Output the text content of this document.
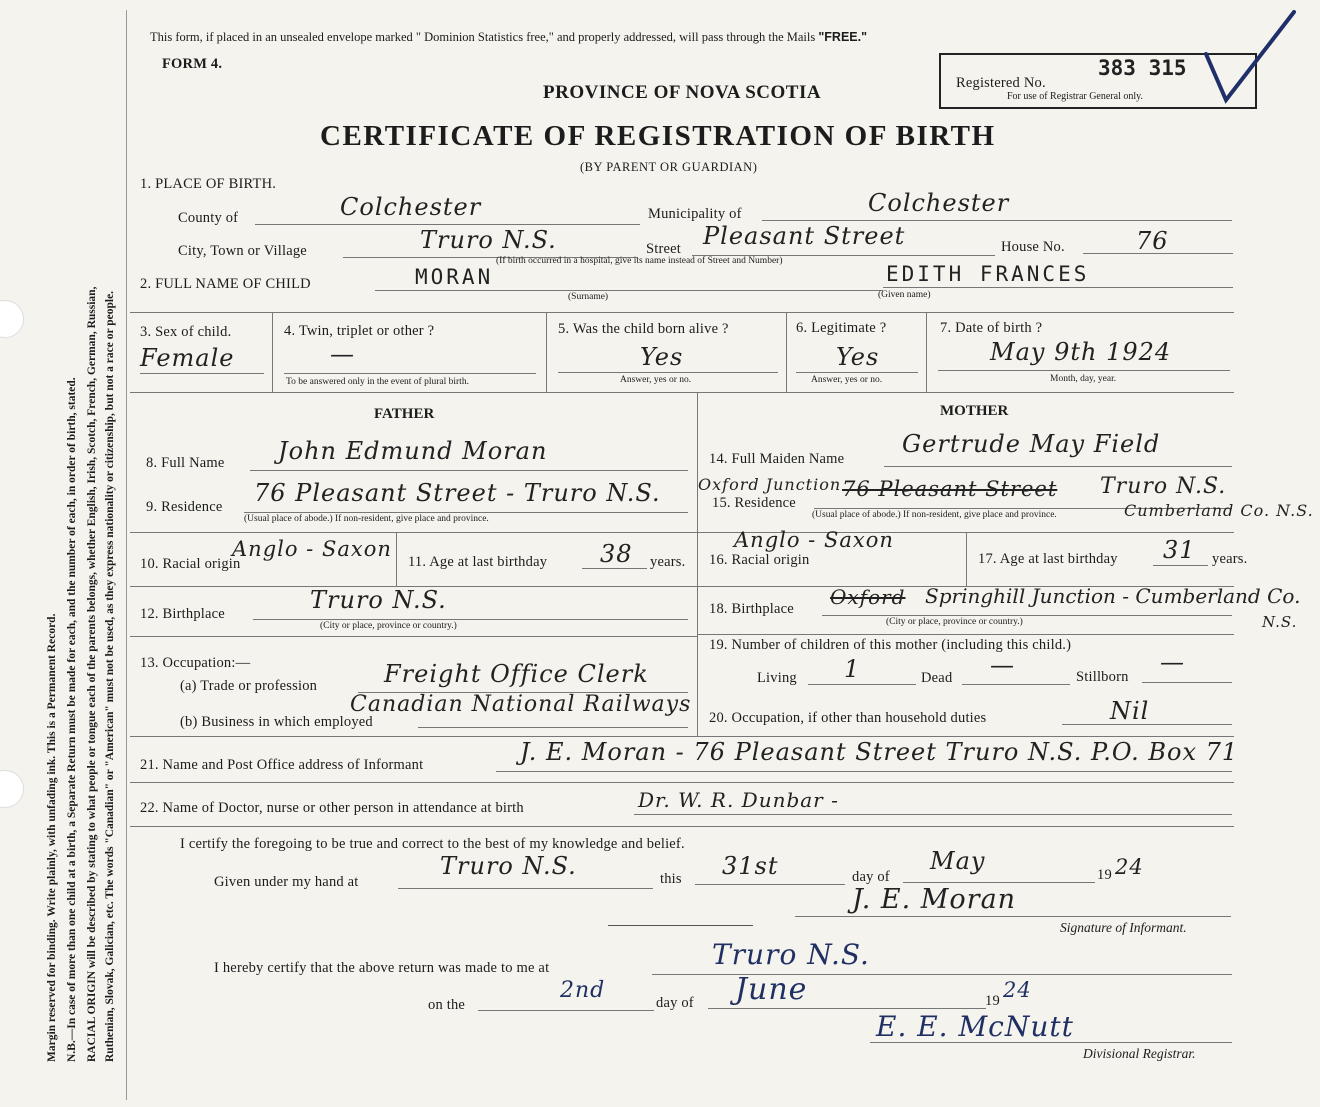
Margin reserved for binding. Write plainly, with unfading ink. This is a Permanent Record. N.B.—In case of more than one child at a birth, a Separate Return must be made for each, and the number of each, in order of birth, stated. RACIAL ORIGIN will be described by stating to what people or tongue each of the parents belongs, whether English, Irish, Scotch, French, German, Russian, Ruthenian, Slovak, Galician, etc. The words "Canadian" or "American" must not be used, as they express nationality or citizenship, but not a race or people.
This form, if placed in an unsealed envelope marked " Dominion Statistics free," and properly addressed, will pass through the Mails "FREE."
FORM 4.
PROVINCE OF NOVA SCOTIA
CERTIFICATE OF REGISTRATION OF BIRTH
(BY PARENT OR GUARDIAN)
Registered No.
383 315
For use of Registrar General only.
1. PLACE OF BIRTH.
County of	Colchester	Municipality of	Colchester
City, Town or Village	Truro N.S.	Street Pleasant Street
(If birth occurred in a hospital, give its name instead of Street and Number)
House No.	76
2. FULL NAME OF CHILD	MORAN
(Surname)
EDITH FRANCES
(Given name)
3. Sex of child.
Female
4. Twin, triplet or other ?
—
To be answered only in the event of plural birth.
5. Was the child born alive ?
Yes
Answer, yes or no.
6. Legitimate ?
Yes
Answer, yes or no.
7. Date of birth ?
May 9th 1924
Month, day, year.
FATHER	MOTHER
8. Full Name John Edmund Moran
9. Residence 76 Pleasant Street - Truro N.S.
(Usual place of abode.) If non-resident, give place and province.
10. Racial origin
Anglo - Saxon
11. Age at last birthday 38 years.
12. Birthplace	Truro N.S.
(City or place, province or country.)
13. Occupation:—
(a) Trade or profession	Freight Office Clerk
(b) Business in which employed
Canadian National Railways
14. Full Maiden Name
Gertrude May Field
15. Residence
Oxford Junction 76 Pleasant Street Truro N.S.
Cumberland Co. N.S.
(Usual place of abode.) If non-resident, give place and province.
16. Racial origin
Anglo - Saxon
17. Age at last birthday 31 years.
18. Birthplace Oxford Springhill Junction - Cumberland Co.
N.S.
(City or place, province or country.)
19. Number of children of this mother (including this child.)
Living 1	Dead —	Stillborn
—
20. Occupation, if other than household duties	Nil
21. Name and Post Office address of Informant	J. E. Moran - 76 Pleasant Street Truro N.S. P.O. Box 71
22. Name of Doctor, nurse or other person in attendance at birth	Dr. W. R. Dunbar -
I certify the foregoing to be true and correct to the best of my knowledge and belief.
Given under my hand at
Truro N.S.	this 31st	day of
May	19 24
J. E. Moran
Signature of Informant.
I hereby certify that the above return was made to me at	Truro N.S.
on the
2nd	day of June	19 24
E. E. McNutt
Divisional Registrar.
